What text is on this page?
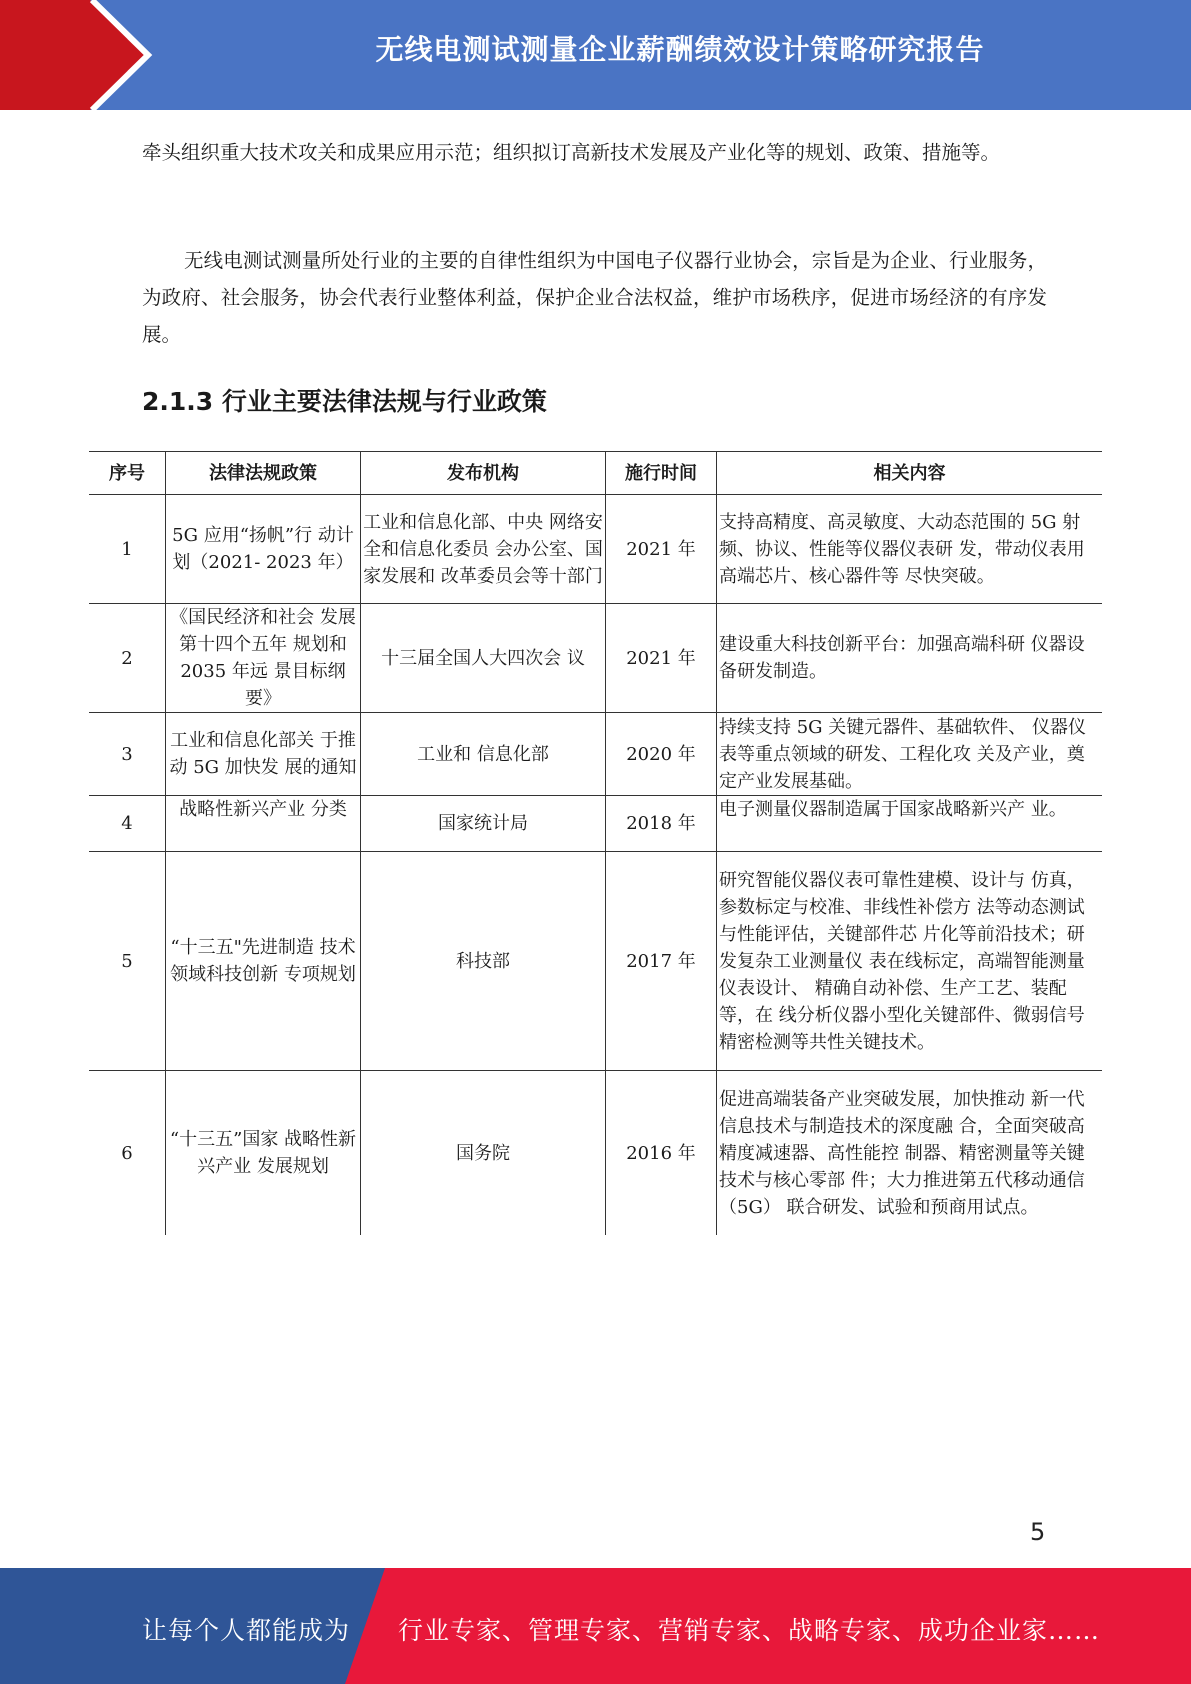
无线电测试测量企业薪酬绩效设计策略研究报告

牵头组织重大技术攻关和成果应用示范；组织拟订高新技术发展及产业化等的规划、政策、措施等。

无线电测试测量所处行业的主要的自律性组织为中国电子仪器行业协会，宗旨是为企业、行业服务，为政府、社会服务，协会代表行业整体利益，保护企业合法权益，维护市场秩序，促进市场经济的有序发展。

2.1.3 行业主要法律法规与行业政策
序号	法律法规政策	发布机构	施行时间	相关内容
1	5G 应用“扬帆”行 动计划（2021- 2023 年）	工业和信息化部、中央 网络安全和信息化委员 会办公室、国家发展和 改革委员会等十部门	2021 年	支持高精度、高灵敏度、大动态范围的 5G 射频、协议、性能等仪器仪表研 发，带动仪表用高端芯片、核心器件等 尽快突破。
2	《国民经济和社会 发展第十四个五年 规划和 2035 年远 景目标纲要》	十三届全国人大四次会 议	2021 年	建设重大科技创新平台：加强高端科研 仪器设备研发制造。
3	工业和信息化部关 于推动 5G 加快发 展的通知	工业和 信息化部	2020 年	持续支持 5G 关键元器件、基础软件、 仪器仪表等重点领域的研发、工程化攻 关及产业，奠定产业发展基础。
4	战略性新兴产业 分类	国家统计局	2018 年	电子测量仪器制造属于国家战略新兴产 业。
5	“十三五"先进制造 技术领域科技创新 专项规划	科技部	2017 年	研究智能仪器仪表可靠性建模、设计与 仿真，参数标定与校准、非线性补偿方 法等动态测试与性能评估，关键部件芯 片化等前沿技术；研发复杂工业测量仪 表在线标定，高端智能测量仪表设计、 精确自动补偿、生产工艺、装配等，在 线分析仪器小型化关键部件、微弱信号 精密检测等共性关键技术。
6	“十三五”国家 战略性新兴产业 发展规划	国务院	2016 年	促进高端装备产业突破发展，加快推动 新一代信息技术与制造技术的深度融 合，全面突破高精度减速器、高性能控 制器、精密测量等关键技术与核心零部 件；大力推进第五代移动通信（5G） 联合研发、试验和预商用试点。
5
让每个人都能成为 行业专家、管理专家、营销专家、战略专家、成功企业家……
